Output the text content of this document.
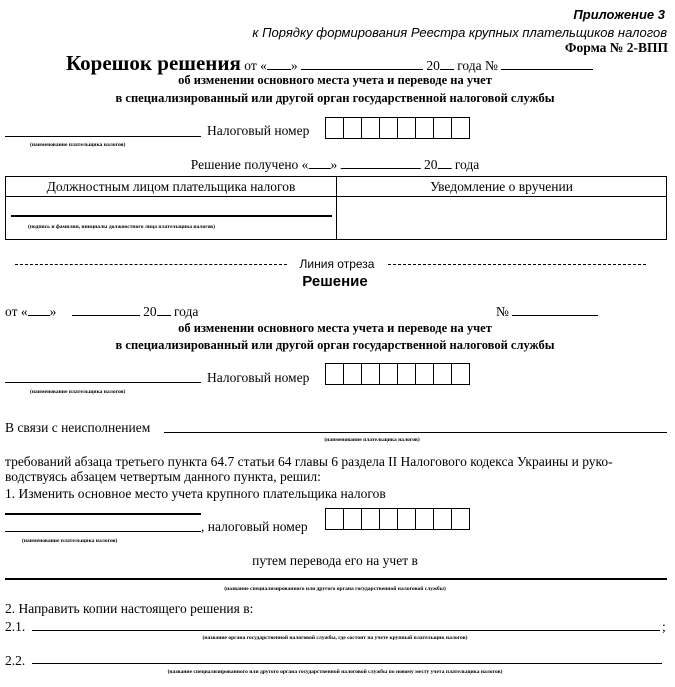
Приложение 3
к Порядку формирования Реестра крупных плательщиков налогов
Форма № 2-ВПП
Корешок решения от « »	20 года №
об изменении основного места учета и переводе на учет
в специализированный или другой орган государственной налоговой службы
Налоговый номер
(наименование плательщика налогов)
Решение получено « »	20 года
Должностным лицом плательщика налогов	Уведомление о вручении

(подпись и фамилия, инициалы должностного лица плательщика налогов)	

Линия отреза
Решение
от « »	20 года	№
об изменении основного места учета и переводе на учет
в специализированный или другой орган государственной налоговой службы
Налоговый номер
(наименование плательщика налогов)
В связи с неисполнением
(наименование плательщика налогов)
требований абзаца третьего пункта 64.7 статьи 64 главы 6 раздела II Налогового кодекса Украины и руко-
водствуясь абзацем четвертым данного пункта, решил:
1. Изменить основное место учета крупного плательщика налогов
, налоговый номер
(наименование плательщика налогов)
путем перевода его на учет в
(название специализированного или другого органа государственной налоговой службы)
2. Направить копии настоящего решения в:
2.1.	;
(название органа государственной налоговой службы, где состоит на учете крупный плательщик налогов)
2.2.
(название специализированного или другого органа государственной налоговой службы по новому месту учета плательщика налогов)
